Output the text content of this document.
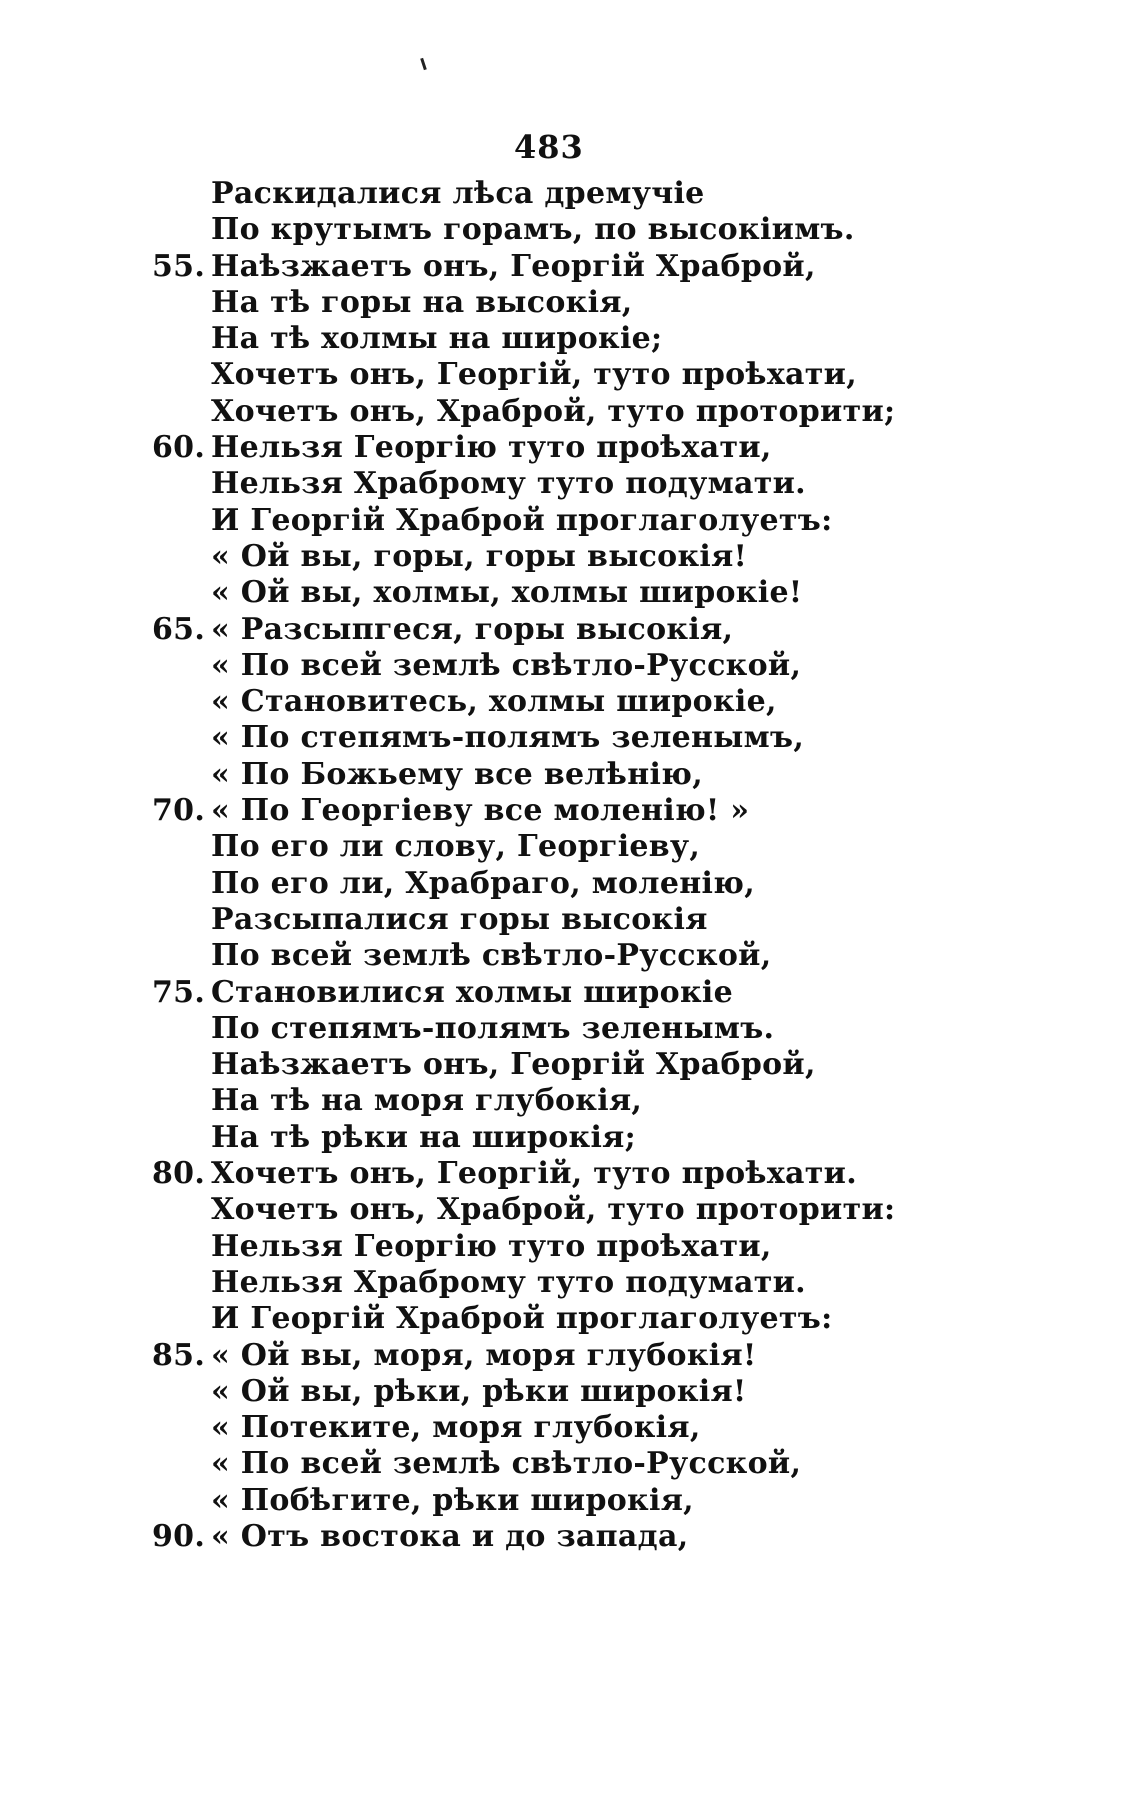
483
Раскидалися лѣса дремучіе
По крутымъ горамъ, по высокіимъ.
55. Наѣзжаетъ онъ, Георгій Храброй,
На тѣ горы на высокія,
На тѣ холмы на широкіе;
Хочетъ онъ, Георгій, туто проѣхати,
Хочетъ онъ, Храброй, туто проторити;
60. Нельзя Георгію туто проѣхати,
Нельзя Храброму туто подумати.
И Георгій Храброй проглаголуетъ:
« Ой вы, горы, горы высокія!
« Ой вы, холмы, холмы широкіе!
65. « Разсыпгеся, горы высокія,
« По всей землѣ свѣтло-Русской,
« Становитесь, холмы широкіе,
« По степямъ-полямъ зеленымъ,
« По Божьему все велѣнію,
70. « По Георгіеву все моленію! »
По его ли слову, Георгіеву,
По его ли, Храбраго, моленію,
Разсыпалися горы высокія
По всей землѣ свѣтло-Русской,
75. Становилися холмы широкіе
По степямъ-полямъ зеленымъ.
Наѣзжаетъ онъ, Георгій Храброй,
На тѣ на моря глубокія,
На тѣ рѣки на широкія;
80. Хочетъ онъ, Георгій, туто проѣхати.
Хочетъ онъ, Храброй, туто проторити:
Нельзя Георгію туто проѣхати,
Нельзя Храброму туто подумати.
И Георгій Храброй проглаголуетъ:
85. « Ой вы, моря, моря глубокія!
« Ой вы, рѣки, рѣки широкія!
« Потеките, моря глубокія,
« По всей землѣ свѣтло-Русской,
« Побѣгите, рѣки широкія,
90. « Отъ востока и до запада,
